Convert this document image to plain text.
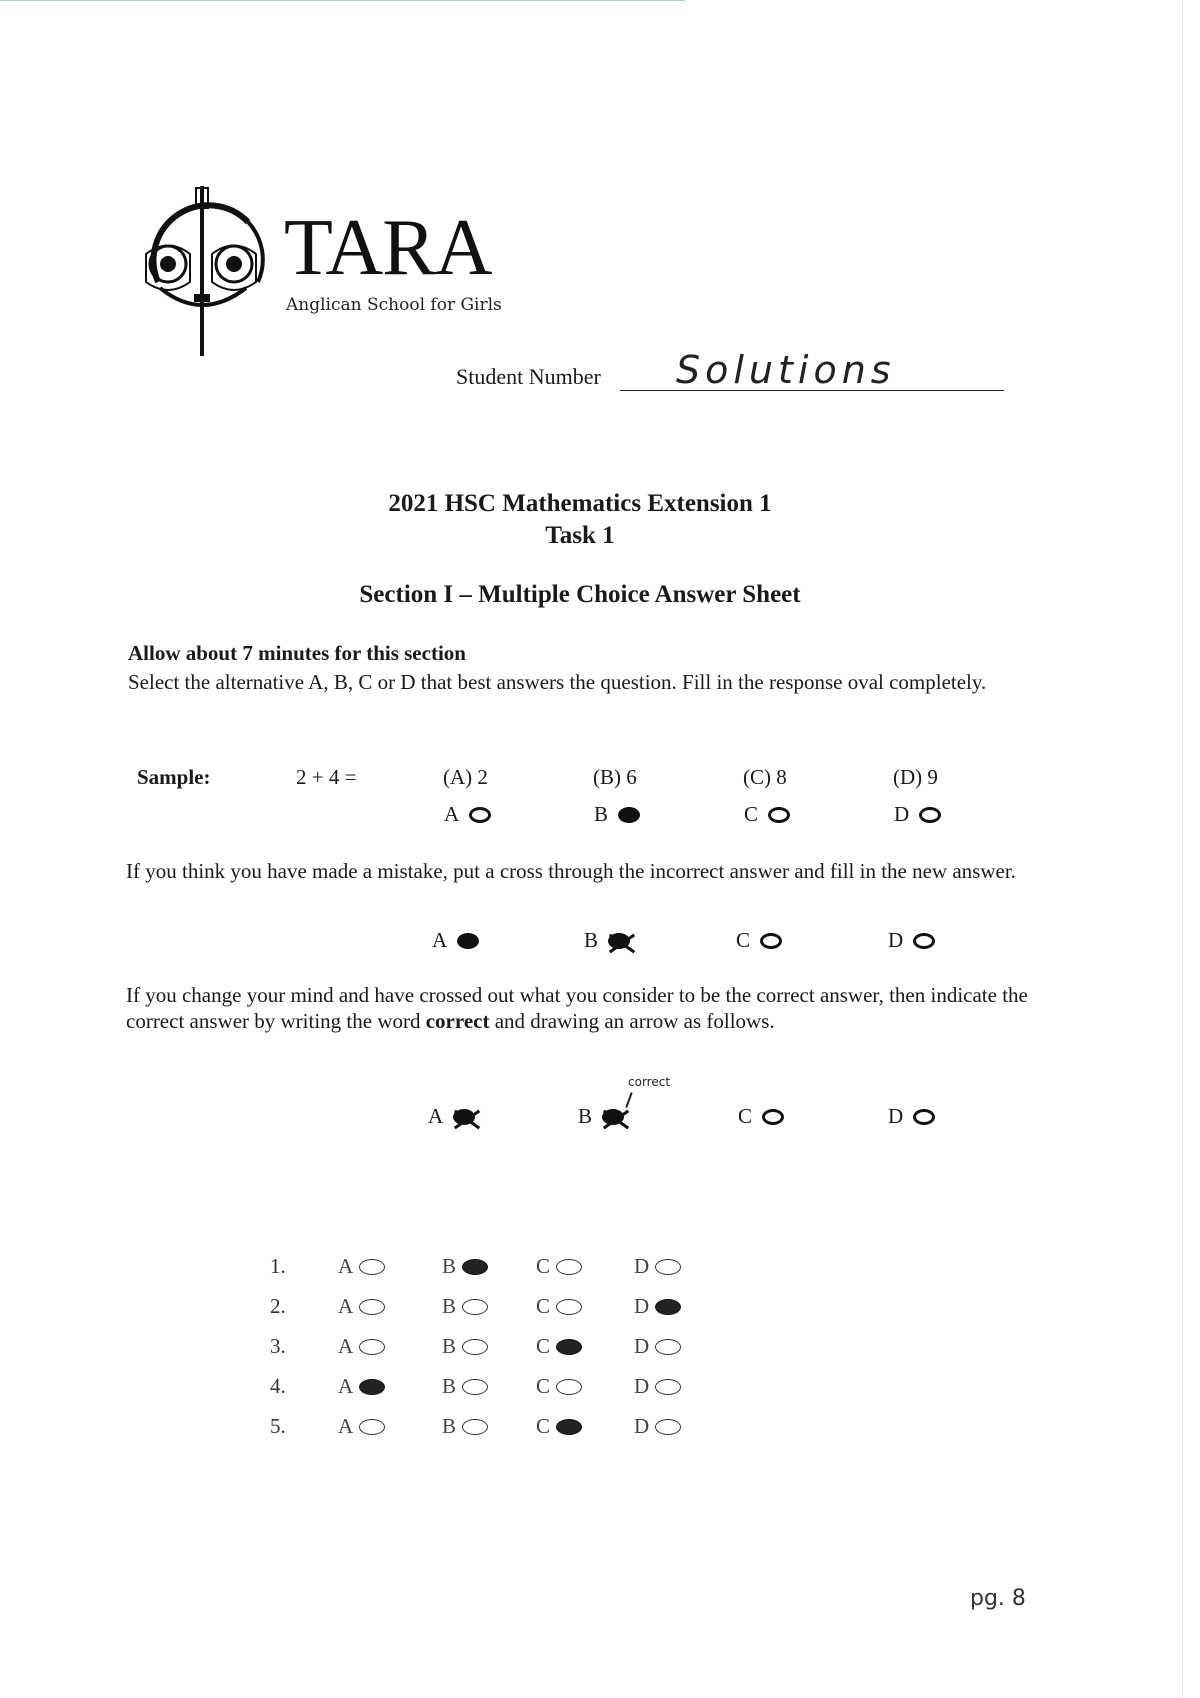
TARA
Anglican School for Girls
Student Number Solutions
2021 HSC Mathematics Extension 1
Task 1
Section I – Multiple Choice Answer Sheet
Allow about 7 minutes for this section
Select the alternative A, B, C or D that best answers the question. Fill in the response oval completely.
Sample:	2 + 4 =	(A) 2	(B) 6	(C) 8	(D) 9
A	B	C	D
If you think you have made a mistake, put a cross through the incorrect answer and fill in the new answer.
A	B	C	D
If you change your mind and have crossed out what you consider to be the correct answer, then indicate the correct answer by writing the word correct and drawing an arrow as follows.
correct
A	B	C	D
1. A	B	C	D
2. A	B	C	D
3. A	B	C	D
4. A	B	C	D
5. A	B	C	D
pg. 8
